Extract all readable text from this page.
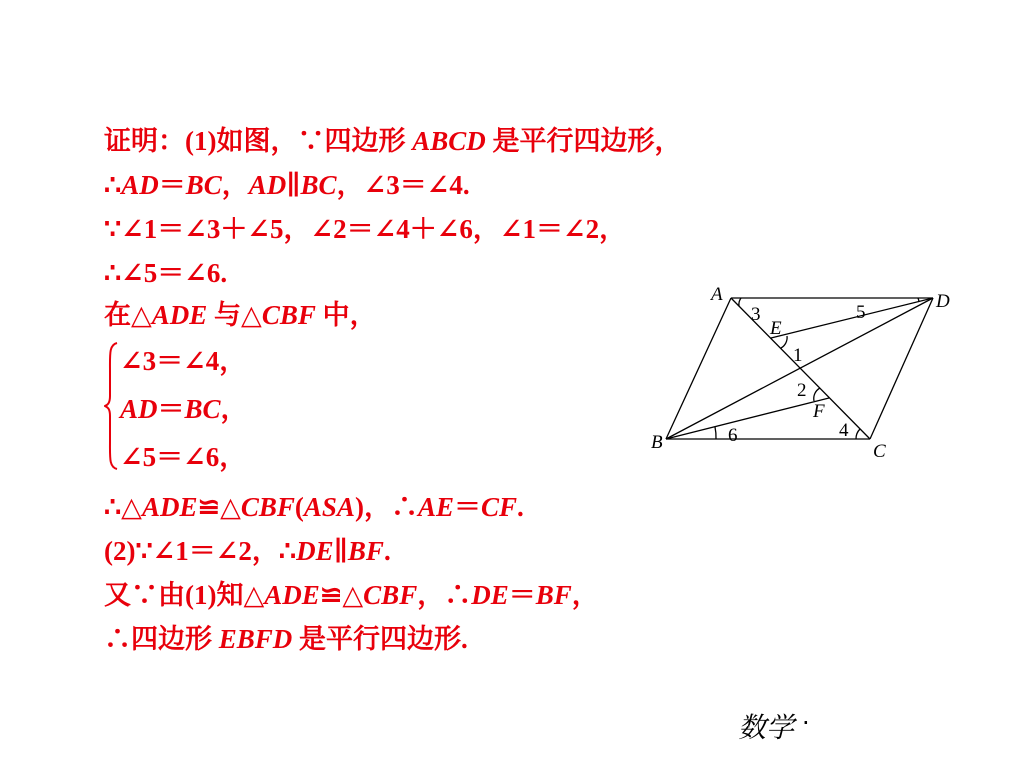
证明：(1)如图，∵四边形 ABCD 是平行四边形，
∴AD＝BC，AD∥BC，∠3＝∠4.
∵∠1＝∠3＋∠5，∠2＝∠4＋∠6，∠1＝∠2，
∴∠5＝∠6.
在△ADE 与△CBF 中，
∠3＝∠4，
AD＝BC，
∠5＝∠6，
∴△ADE≌△CBF(ASA)，∴AE＝CF.
(2)∵∠1＝∠2，∴DE∥BF.
又∵由(1)知△ADE≌△CBF，∴DE＝BF，
∴四边形 EBFD 是平行四边形.
A
B	C
D
E
F
1
2
3
4
5
6
数学 ·
